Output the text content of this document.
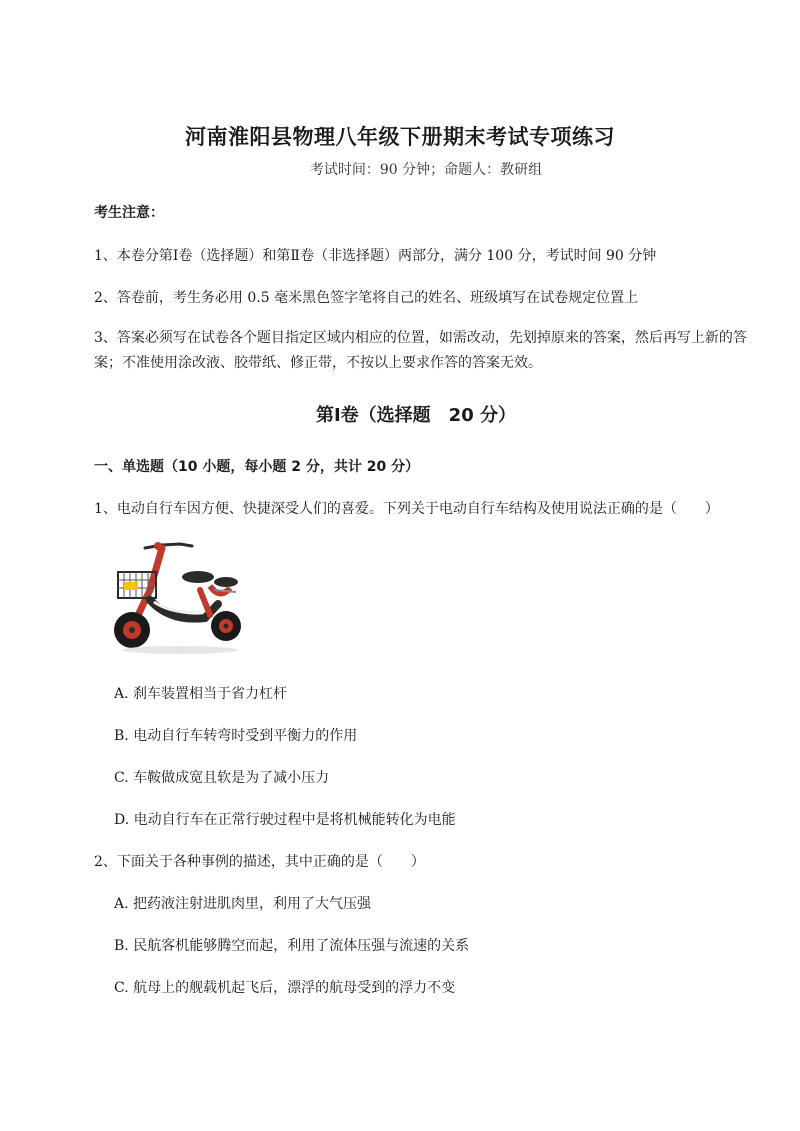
河南淮阳县物理八年级下册期末考试专项练习
考试时间：90 分钟；命题人：教研组
考生注意：
1、本卷分第Ⅰ卷（选择题）和第Ⅱ卷（非选择题）两部分，满分 100 分，考试时间 90 分钟
2、答卷前，考生务必用 0.5 毫米黑色签字笔将自己的姓名、班级填写在试卷规定位置上
3、答案必须写在试卷各个题目指定区域内相应的位置，如需改动，先划掉原来的答案，然后再写上新的答案；不准使用涂改液、胶带纸、修正带，不按以上要求作答的答案无效。
第Ⅰ卷（选择题　20 分）
一、单选题（10 小题，每小题 2 分，共计 20 分）
1、电动自行车因方便、快捷深受人们的喜爱。下列关于电动自行车结构及使用说法正确的是（　　）
A. 刹车装置相当于省力杠杆
B. 电动自行车转弯时受到平衡力的作用
C. 车鞍做成宽且软是为了减小压力
D. 电动自行车在正常行驶过程中是将机械能转化为电能
2、下面关于各种事例的描述，其中正确的是（　　）
A. 把药液注射进肌肉里，利用了大气压强
B. 民航客机能够腾空而起，利用了流体压强与流速的关系
C. 航母上的舰载机起飞后，漂浮的航母受到的浮力不变
